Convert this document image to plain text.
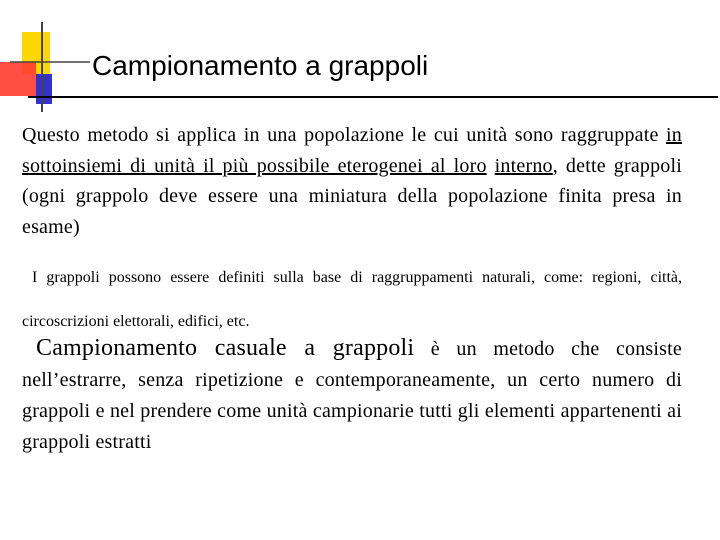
Campionamento a grappoli

Questo metodo si applica in una popolazione le cui unità sono raggruppate in sottoinsiemi di unità il più possibile eterogenei al loro interno, dette grappoli (ogni grappolo deve essere una miniatura della popolazione finita presa in esame)

I grappoli possono essere definiti sulla base di raggruppamenti naturali, come: regioni, città, circoscrizioni elettorali, edifici, etc.

Campionamento casuale a grappoli è un metodo che consiste nell’estrarre, senza ripetizione e contemporaneamente, un certo numero di grappoli e nel prendere come unità campionarie tutti gli elementi appartenenti ai grappoli estratti
